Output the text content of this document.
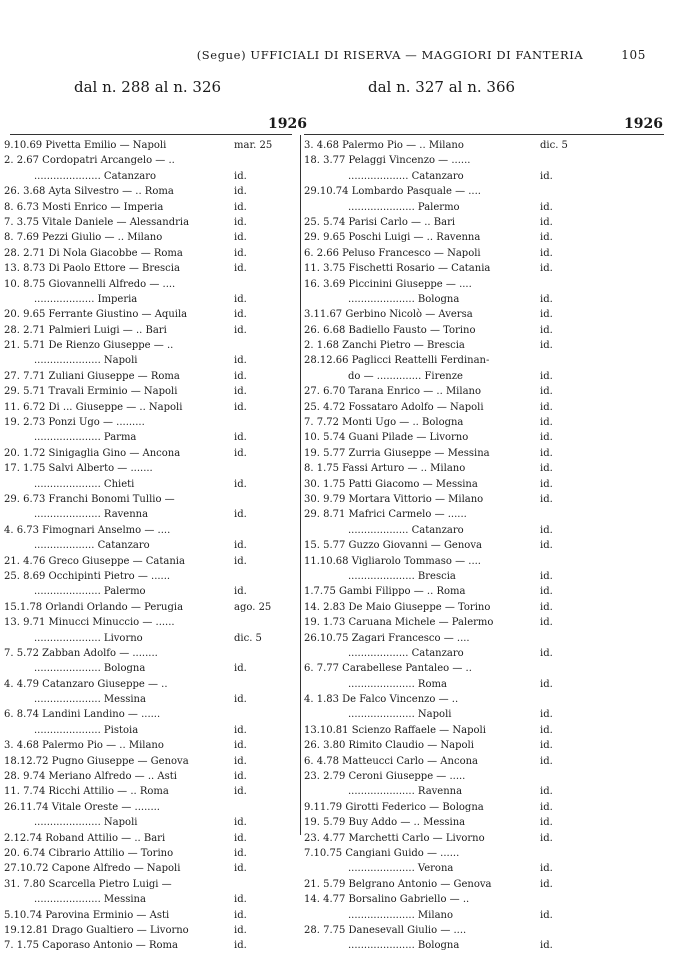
(Segue) UFFICIALI DI RISERVA — MAGGIORI DI FANTERIA	105
dal n. 288 al n. 326	dal n. 327 al n. 366
1926	1926
9.10.69 Pivetta Emilio — Napoli	mar. 25
2. 2.67 Cordopatri Arcangelo — ..
..................... Catanzaro	id.
26. 3.68 Ayta Silvestro — .. Roma	id.
8. 6.73 Mosti Enrico — Imperia	id.
7. 3.75 Vitale Daniele — Alessandria	id.
8. 7.69 Pezzi Giulio — .. Milano	id.
28. 2.71 Di Nola Giacobbe — Roma	id.
13. 8.73 Di Paolo Ettore — Brescia	id.
10. 8.75 Giovannelli Alfredo — ....
................... Imperia	id.
20. 9.65 Ferrante Giustino — Aquila	id.
28. 2.71 Palmieri Luigi — .. Bari	id.
21. 5.71 De Rienzo Giuseppe — ..
..................... Napoli	id.
27. 7.71 Zuliani Giuseppe — Roma	id.
29. 5.71 Travali Erminio — Napoli	id.
11. 6.72 Di ... Giuseppe — .. Napoli	id.
19. 2.73 Ponzi Ugo — .........
..................... Parma	id.
20. 1.72 Sinigaglia Gino — Ancona	id.
17. 1.75 Salvi Alberto — .......
..................... Chieti	id.
29. 6.73 Franchi Bonomi Tullio —
..................... Ravenna	id.
4. 6.73 Fimognari Anselmo — ....
................... Catanzaro	id.
21. 4.76 Greco Giuseppe — Catania	id.
25. 8.69 Occhipinti Pietro — ......
..................... Palermo	id.
15.1.78 Orlandi Orlando — Perugia	ago. 25
13. 9.71 Minucci Minuccio — ......
..................... Livorno	dic. 5
7. 5.72 Zabban Adolfo — ........
..................... Bologna	id.
4. 4.79 Catanzaro Giuseppe — ..
..................... Messina	id.
6. 8.74 Landini Landino — ......
..................... Pistoia	id.
3. 4.68 Palermo Pio — .. Milano	id.
18.12.72 Pugno Giuseppe — Genova	id.
28. 9.74 Meriano Alfredo — .. Asti	id.
11. 7.74 Ricchi Attilio — .. Roma	id.
26.11.74 Vitale Oreste — ........
..................... Napoli	id.
2.12.74 Roband Attilio — .. Bari	id.
20. 6.74 Cibrario Attilio — Torino	id.
27.10.72 Capone Alfredo — Napoli	id.
31. 7.80 Scarcella Pietro Luigi —
..................... Messina	id.
5.10.74 Parovina Erminio — Asti	id.
19.12.81 Drago Gualtiero — Livorno	id.
7. 1.75 Caporaso Antonio — Roma	id.
3. 4.68 Palermo Pio — .. Milano	dic. 5
18. 3.77 Pelaggi Vincenzo — ......
................... Catanzaro	id.
29.10.74 Lombardo Pasquale — ....
..................... Palermo	id.
25. 5.74 Parisi Carlo — .. Bari	id.
29. 9.65 Poschi Luigi — .. Ravenna	id.
6. 2.66 Peluso Francesco — Napoli	id.
11. 3.75 Fischetti Rosario — Catania	id.
16. 3.69 Piccinini Giuseppe — ....
..................... Bologna	id.
3.11.67 Gerbino Nicolò — Aversa	id.
26. 6.68 Badiello Fausto — Torino	id.
2. 1.68 Zanchi Pietro — Brescia	id.
28.12.66 Paglicci Reattelli Ferdinan-
do — .............. Firenze	id.
27. 6.70 Tarana Enrico — .. Milano	id.
25. 4.72 Fossataro Adolfo — Napoli	id.
7. 7.72 Monti Ugo — .. Bologna	id.
10. 5.74 Guani Pilade — Livorno	id.
19. 5.77 Zurria Giuseppe — Messina	id.
8. 1.75 Fassi Arturo — .. Milano	id.
30. 1.75 Patti Giacomo — Messina	id.
30. 9.79 Mortara Vittorio — Milano	id.
29. 8.71 Mafrici Carmelo — ......
................... Catanzaro	id.
15. 5.77 Guzzo Giovanni — Genova	id.
11.10.68 Vigliarolo Tommaso — ....
..................... Brescia	id.
1.7.75 Gambi Filippo — .. Roma	id.
14. 2.83 De Maio Giuseppe — Torino	id.
19. 1.73 Caruana Michele — Palermo	id.
26.10.75 Zagari Francesco — ....
................... Catanzaro	id.
6. 7.77 Carabellese Pantaleo — ..
..................... Roma	id.
4. 1.83 De Falco Vincenzo — ..
..................... Napoli	id.
13.10.81 Scienzo Raffaele — Napoli	id.
26. 3.80 Rimito Claudio — Napoli	id.
6. 4.78 Matteucci Carlo — Ancona	id.
23. 2.79 Ceroni Giuseppe — .....
..................... Ravenna	id.
9.11.79 Girotti Federico — Bologna	id.
19. 5.79 Buy Addo — .. Messina	id.
23. 4.77 Marchetti Carlo — Livorno	id.
7.10.75 Cangiani Guido — ......
..................... Verona	id.
21. 5.79 Belgrano Antonio — Genova	id.
14. 4.77 Borsalino Gabriello — ..
..................... Milano	id.
28. 7.75 Danesevall Giulio — ....
..................... Bologna	id.
